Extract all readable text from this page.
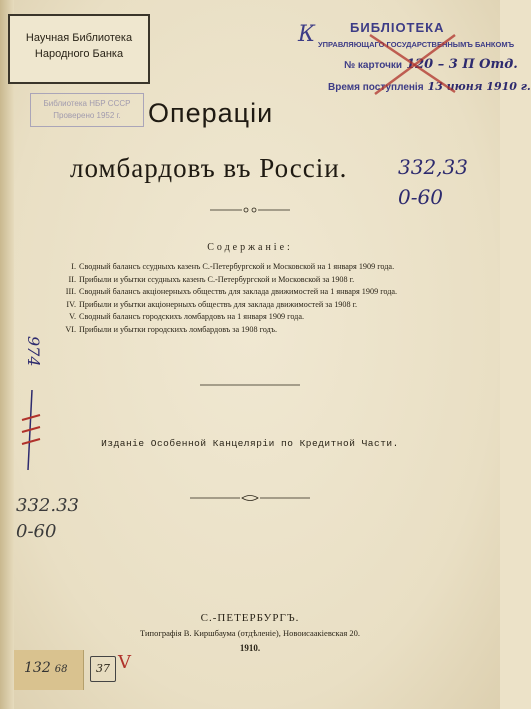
Научная Библиотека
Народного Банка
Библиотека НБР СССР
Проверено 1952 г.
К	БИБЛІОТЕКА
УПРАВЛЯЮЩАГО ГОСУДАРСТВЕННЫМЪ БАНКОМЪ
№ карточки 120 – 3 П Отд.
Время поступленія 13 июня 1910 г.
Операціи
ломбардовъ въ Россіи.	332,33
0-60
Содержаніе:
I. Сводный балансъ ссудныхъ казенъ С.-Петербургской и Московской на 1 января 1909 года.
II. Прибыли и убытки ссудныхъ казенъ С.-Петербургской и Московской за 1908 г.
III. Сводный балансъ акціонерныхъ обществъ для заклада движимостей на 1 января 1909 года.
IV. Прибыли и убытки акціонерныхъ обществъ для заклада движимостей за 1908 г.
V. Сводный балансъ городскихъ ломбардовъ на 1 января 1909 года.
VI. Прибыли и убытки городскихъ ломбардовъ за 1908 годъ.
Изданіе Особенной Канцеляріи по Кредитной Части.
974
332.33
0-60
С.-ПЕТЕРБУРГЪ.
Типографія В. Киршбаума (отдѣленіе), Новоисаакіевская 20.
1910.
132 68	37 V
